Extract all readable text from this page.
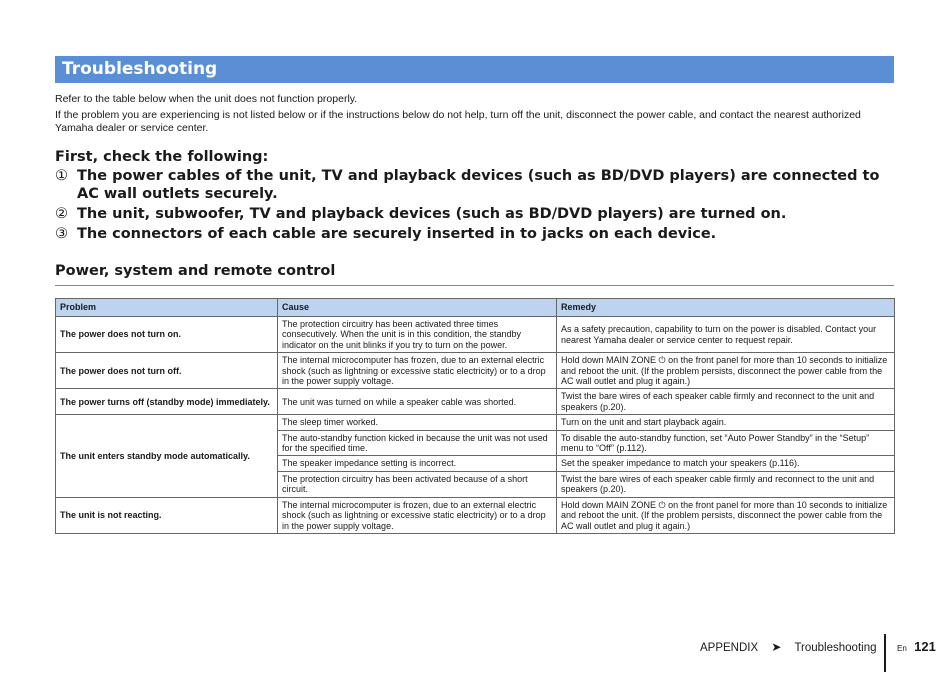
Troubleshooting

Refer to the table below when the unit does not function properly.

If the problem you are experiencing is not listed below or if the instructions below do not help, turn off the unit, disconnect the power cable, and contact the nearest authorized Yamaha dealer or service center.

First, check the following:
① The power cables of the unit, TV and playback devices (such as BD/DVD players) are connected to AC wall outlets securely.
② The unit, subwoofer, TV and playback devices (such as BD/DVD players) are turned on.
③ The connectors of each cable are securely inserted in to jacks on each device.
Power, system and remote control
Problem	Cause	Remedy
The power does not turn on.	The protection circuitry has been activated three times consecutively. When the unit is in this condition, the standby indicator on the unit blinks if you try to turn on the power.	As a safety precaution, capability to turn on the power is disabled. Contact your nearest Yamaha dealer or service center to request repair.
The power does not turn off.	The internal microcomputer has frozen, due to an external electric shock (such as lightning or excessive static electricity) or to a drop in the power supply voltage.	Hold down MAIN ZONE ⏻ on the front panel for more than 10 seconds to initialize and reboot the unit. (If the problem persists, disconnect the power cable from the AC wall outlet and plug it again.)
The power turns off (standby mode) immediately.	The unit was turned on while a speaker cable was shorted.	Twist the bare wires of each speaker cable firmly and reconnect to the unit and speakers (p.20).
The unit enters standby mode automatically.	The sleep timer worked.	Turn on the unit and start playback again.
	The auto-standby function kicked in because the unit was not used for the specified time.	To disable the auto-standby function, set “Auto Power Standby” in the “Setup” menu to “Off” (p.112).
	The speaker impedance setting is incorrect.	Set the speaker impedance to match your speakers (p.116).
	The protection circuitry has been activated because of a short circuit.	Twist the bare wires of each speaker cable firmly and reconnect to the unit and speakers (p.20).
The unit is not reacting.	The internal microcomputer is frozen, due to an external electric shock (such as lightning or excessive static electricity) or to a drop in the power supply voltage.	Hold down MAIN ZONE ⏻ on the front panel for more than 10 seconds to initialize and reboot the unit. (If the problem persists, disconnect the power cable from the AC wall outlet and plug it again.)
APPENDIX ➤ Troubleshooting	En 121
